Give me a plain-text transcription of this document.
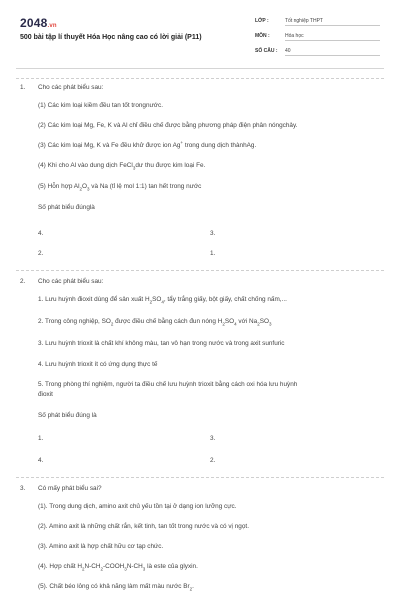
2048.vn
500 bài tập lí thuyết Hóa Học nâng cao có lời giải (P11)
LỚP :	Tốt nghiệp THPT
MÔN :	Hóa học
SỐ CÂU :	40
1. Cho các phát biểu sau:
(1) Các kim loại kiềm đều tan tốt trongnước.
(2) Các kim loại Mg, Fe, K và Al chỉ điều chế được bằng phương pháp điện phân nóngchảy.
(3) Các kim loại Mg, K và Fe đều khử được ion Ag+ trong dung dịch thànhAg.
(4) Khi cho Al vào dung dịch FeCl$_3$dư thu được kim loại Fe.
(5) Hỗn hợp $Al_2O_3$ và Na (tỉ lệ mol 1:1) tan hết trong nước
Số phát biểu đúnglà
4.	3.
2.	1.
2. Cho các phát biểu sau:
1. Lưu huỳnh đioxit dùng để sản xuất $H_2SO_4$, tẩy trắng giấy, bột giấy, chất chống nấm,...
2. Trong công nghiệp, $SO_2$ được điều chế bằng cách đun nóng $H_2SO_4$ với $Na_2SO_3$
3. Lưu huỳnh trioxit là chất khí không màu, tan vô hạn trong nước và trong axit sunfuric
4. Lưu huỳnh trioxit ít có ứng dụng thực tế
5. Trong phòng thí nghiệm, người ta điều chế lưu huỳnh trioxit bằng cách oxi hóa lưu huỳnh
đioxit
Số phát biểu đúng là
1.	3.
4.	2.
3. Có mấy phát biểu sai?
(1). Trong dung dịch, amino axit chủ yếu tồn tại ở dạng ion lưỡng cực.
(2). Amino axit là những chất rắn, kết tinh, tan tốt trong nước và có vị ngọt.
(3). Amino axit là hợp chất hữu cơ tạp chức.
(4). Hợp chất $H_2N-CH_2-COOH_3N-CH_3$ là este của glyxin.
(5). Chất béo lỏng có khả năng làm mất màu nước $Br_2$.
